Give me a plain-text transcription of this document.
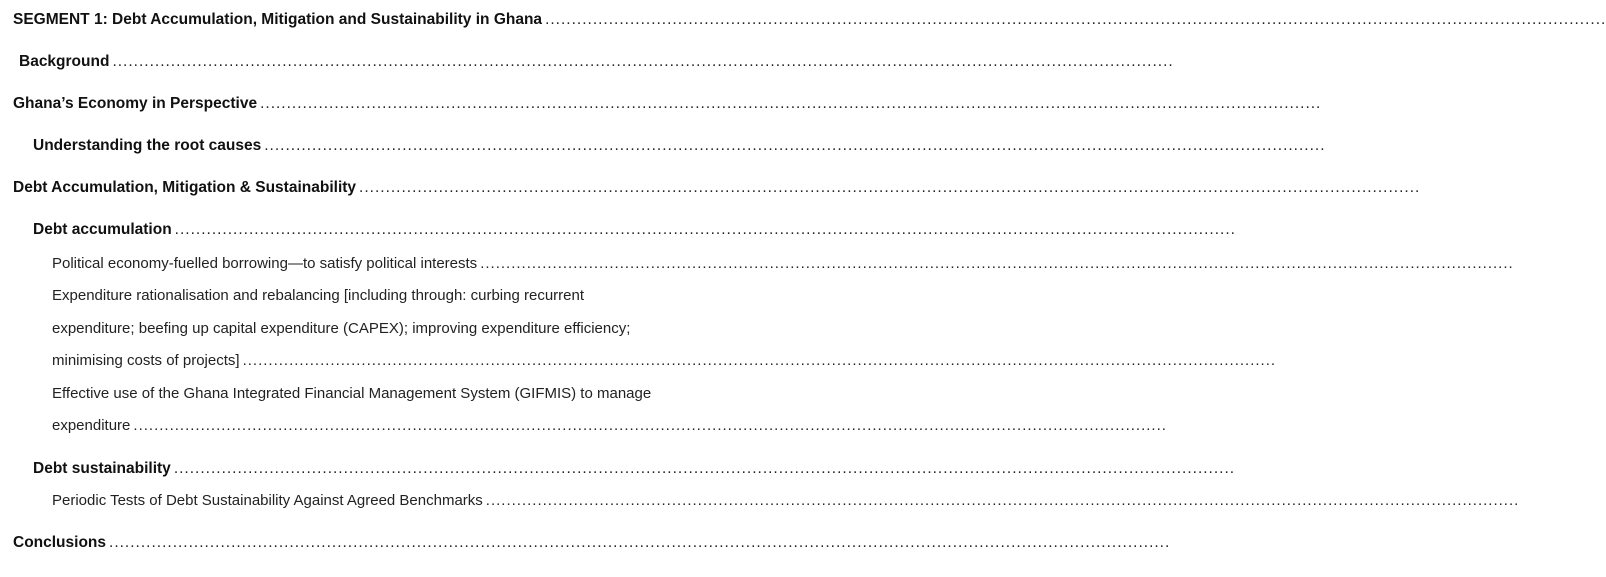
SEGMENT 1: Debt Accumulation, Mitigation and Sustainability in Ghana ........................................................................................................................................................................................................
Background ........................................................................................................................................................................................................
Ghana’s Economy in Perspective ........................................................................................................................................................................................................
Understanding the root causes ........................................................................................................................................................................................................
Debt Accumulation, Mitigation & Sustainability ........................................................................................................................................................................................................
Debt accumulation ........................................................................................................................................................................................................
Political economy-fuelled borrowing—to satisfy political interests ........................................................................................................................................................................................................
Expenditure rationalisation and rebalancing [including through: curbing recurrent
expenditure; beefing up capital expenditure (CAPEX); improving expenditure efficiency;
minimising costs of projects] ........................................................................................................................................................................................................
Effective use of the Ghana Integrated Financial Management System (GIFMIS) to manage
expenditure ........................................................................................................................................................................................................
Debt sustainability ........................................................................................................................................................................................................
Periodic Tests of Debt Sustainability Against Agreed Benchmarks ........................................................................................................................................................................................................
Conclusions ........................................................................................................................................................................................................
